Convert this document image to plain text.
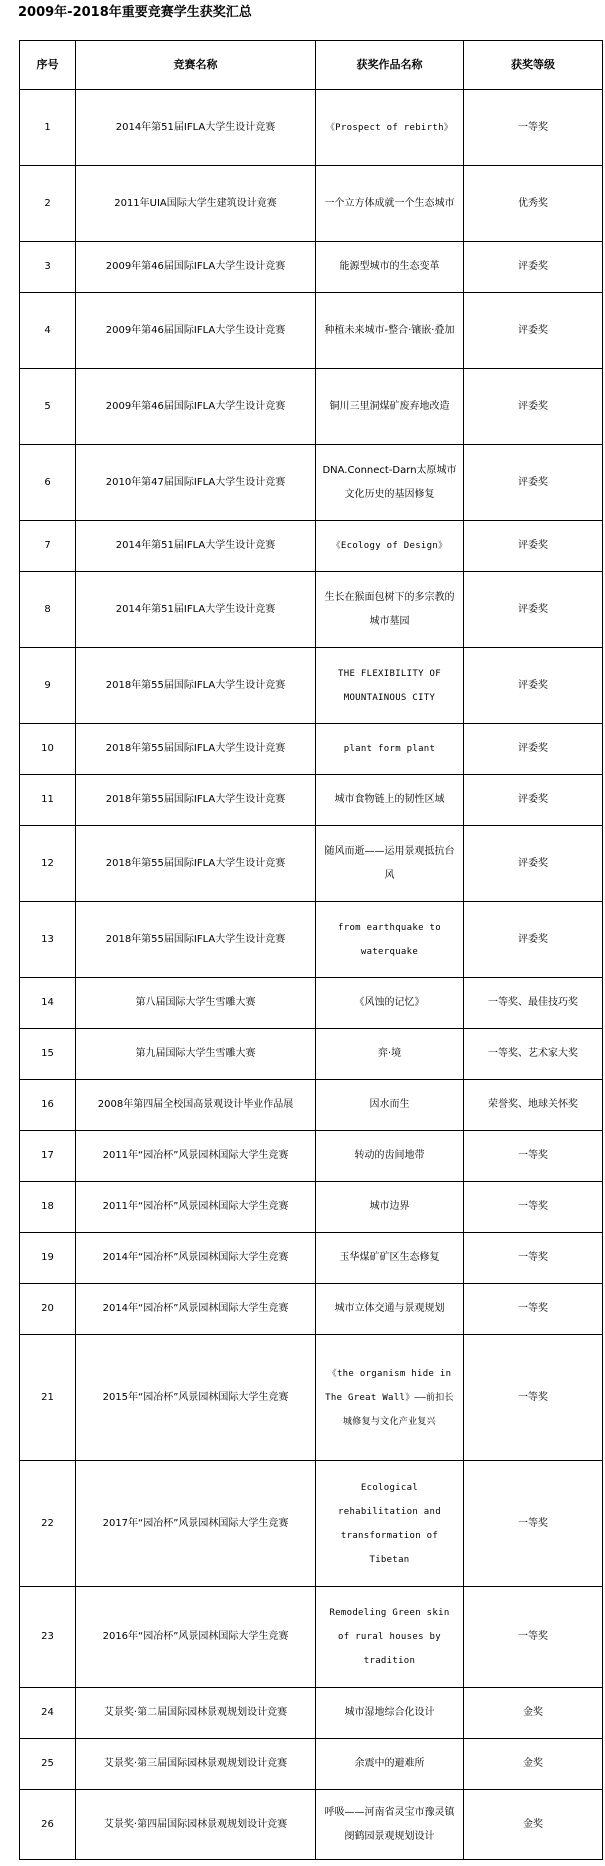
2009年-2018年重要竞赛学生获奖汇总
序号	竞赛名称	获奖作品名称	获奖等级
1	2014年第51届IFLA大学生设计竞赛	《Prospect of rebirth》	一等奖
2	2011年UIA国际大学生建筑设计竟赛	一个立方体成就一个生态城市	优秀奖
3	2009年第46届国际IFLA大学生设计竞赛	能源型城市的生态变革	评委奖
4	2009年第46届国际IFLA大学生设计竞赛	种植未来城市-整合·镶嵌·叠加	评委奖
5	2009年第46届国际IFLA大学生设计竞赛	铜川三里洞煤矿废弃地改造	评委奖
6	2010年第47届国际IFLA大学生设计竞赛	DNA.Connect-Darn太原城市文化历史的基因修复	评委奖
7	2014年第51届IFLA大学生设计竞赛	《Ecology of Design》	评委奖
8	2014年第51届IFLA大学生设计竞赛	生长在猴面包树下的多宗教的城市墓园	评委奖
9	2018年第55届国际IFLA大学生设计竞赛	THE FLEXIBILITY OF MOUNTAINOUS CITY	评委奖
10	2018年第55届国际IFLA大学生设计竞赛	plant form plant	评委奖
11	2018年第55届国际IFLA大学生设计竞赛	城市食物链上的韧性区域	评委奖
12	2018年第55届国际IFLA大学生设计竞赛	随风而逝——运用景观抵抗台风	评委奖
13	2018年第55届国际IFLA大学生设计竞赛	from earthquake to waterquake	评委奖
14	第八届国际大学生雪雕大赛	《风蚀的记忆》	一等奖、最佳技巧奖
15	第九届国际大学生雪雕大赛	弈·境	一等奖、艺术家大奖
16	2008年第四届全校国高景观设计毕业作品展	因水而生	荣誉奖、地球关怀奖
17	2011年“园冶杯”风景园林国际大学生竞赛	转动的齿间地带	一等奖
18	2011年“园冶杯”风景园林国际大学生竞赛	城市边界	一等奖
19	2014年“园冶杯”风景园林国际大学生竞赛	玉华煤矿矿区生态修复	一等奖
20	2014年“园冶杯”风景园林国际大学生竞赛	城市立体交通与景观规划	一等奖
21	2015年“园冶杯”风景园林国际大学生竞赛	《the organism hide in The Great Wall》——前扣长城修复与文化产业复兴	一等奖
22	2017年“园冶杯”风景园林国际大学生竞赛	Ecological rehabilitation and transformation of Tibetan	一等奖
23	2016年“园冶杯”风景园林国际大学生竞赛	Remodeling Green skin of rural houses by tradition	一等奖
24	艾景奖·第二届国际园林景观规划设计竞赛	城市湿地综合化设计	金奖
25	艾景奖·第三届国际园林景观规划设计竞赛	余震中的避难所	金奖
26	艾景奖·第四届国际园林景观规划设计竞赛	呼吸——河南省灵宝市豫灵镇阌鹤园景观规划设计	金奖
